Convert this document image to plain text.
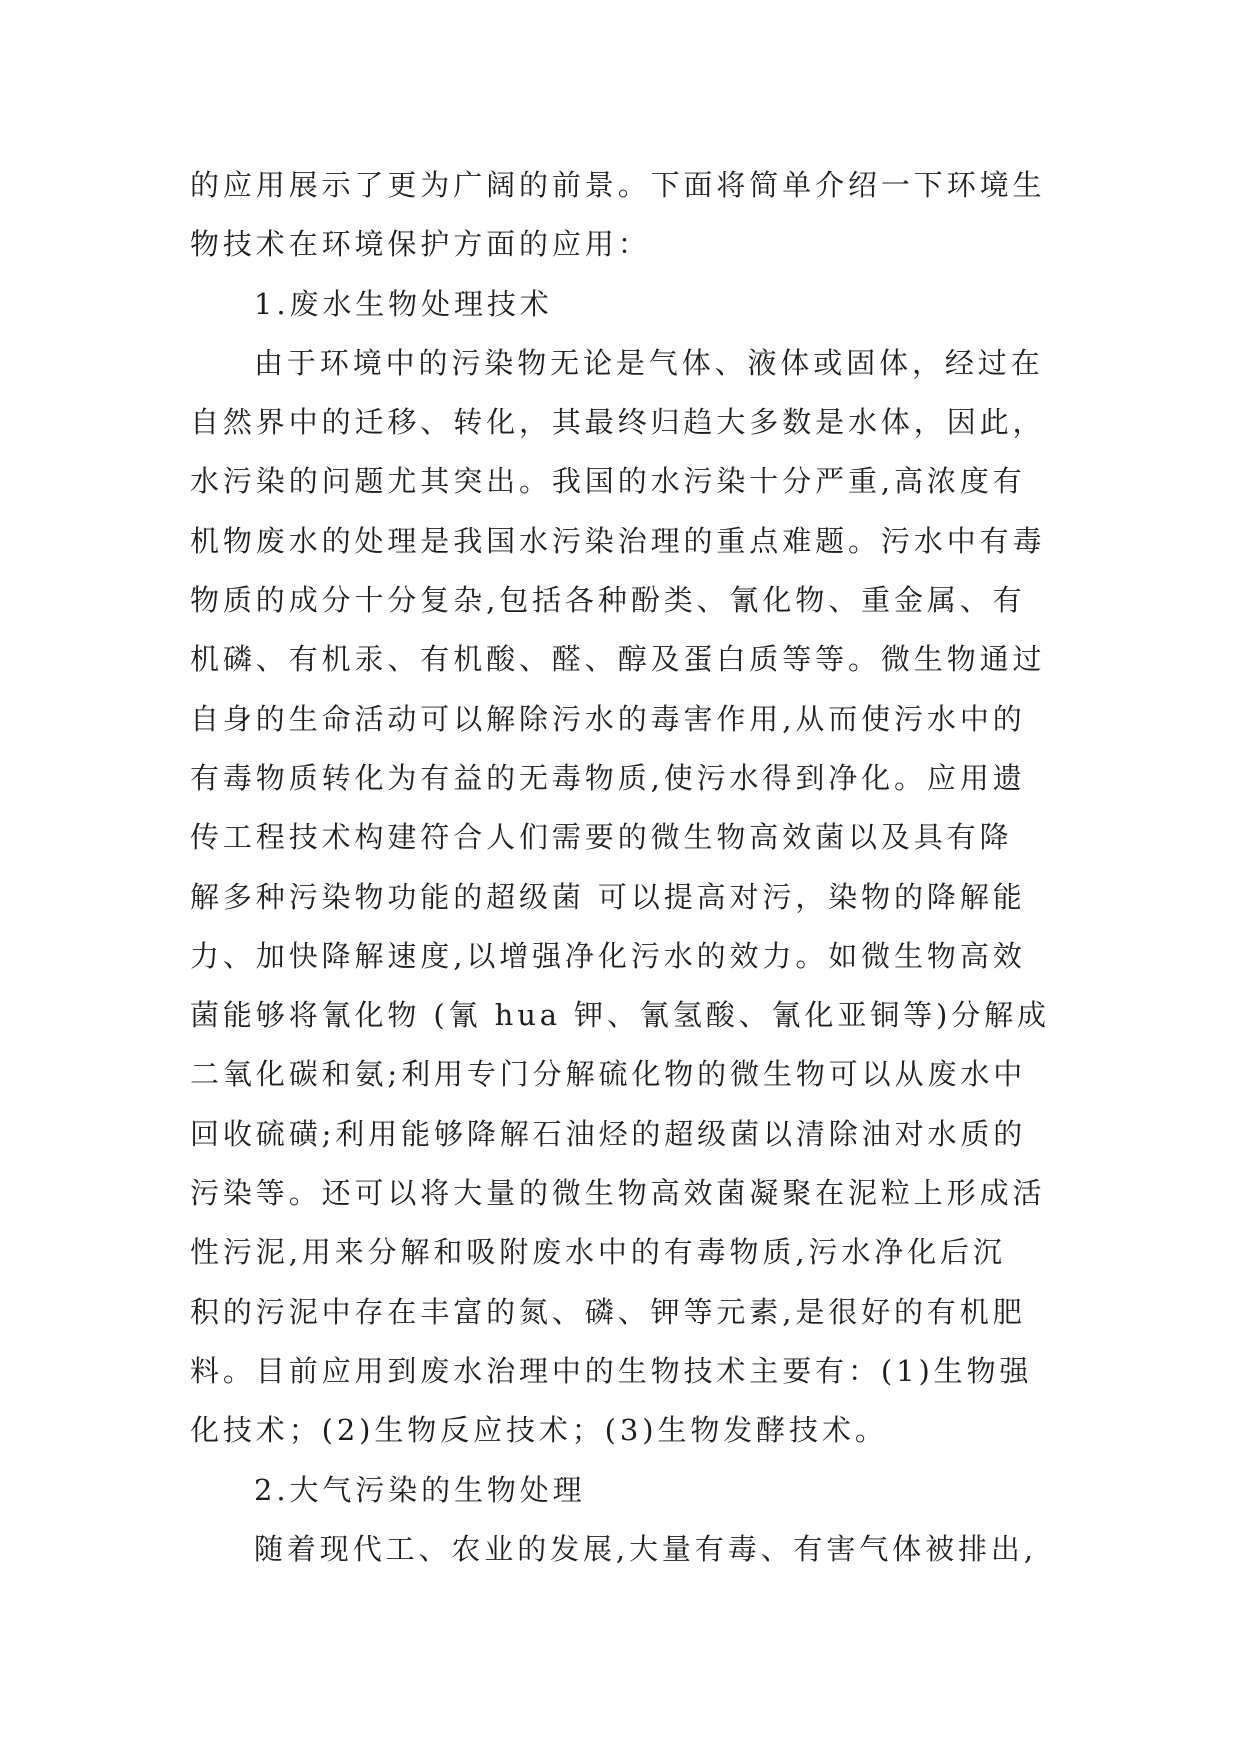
的应用展示了更为广阔的前景。下面将简单介绍一下环境生
物技术在环境保护方面的应用：
1.废水生物处理技术
由于环境中的污染物无论是气体、液体或固体，经过在
自然界中的迁移、转化，其最终归趋大多数是水体，因此，
水污染的问题尤其突出。我国的水污染十分严重,高浓度有
机物废水的处理是我国水污染治理的重点难题。污水中有毒
物质的成分十分复杂,包括各种酚类、氰化物、重金属、有
机磷、有机汞、有机酸、醛、醇及蛋白质等等。微生物通过
自身的生命活动可以解除污水的毒害作用,从而使污水中的
有毒物质转化为有益的无毒物质,使污水得到净化。应用遗
传工程技术构建符合人们需要的微生物高效菌以及具有降
解多种污染物功能的超级菌 可以提高对污，染物的降解能
力、加快降解速度,以增强净化污水的效力。如微生物高效
菌能够将氰化物 (氰 hua 钾、氰氢酸、氰化亚铜等)分解成
二氧化碳和氨;利用专门分解硫化物的微生物可以从废水中
回收硫磺;利用能够降解石油烃的超级菌以清除油对水质的
污染等。还可以将大量的微生物高效菌凝聚在泥粒上形成活
性污泥,用来分解和吸附废水中的有毒物质,污水净化后沉
积的污泥中存在丰富的氮、磷、钾等元素,是很好的有机肥
料。目前应用到废水治理中的生物技术主要有：(1)生物强
化技术；(2)生物反应技术；(3)生物发酵技术。
2.大气污染的生物处理
随着现代工、农业的发展,大量有毒、有害气体被排出,
